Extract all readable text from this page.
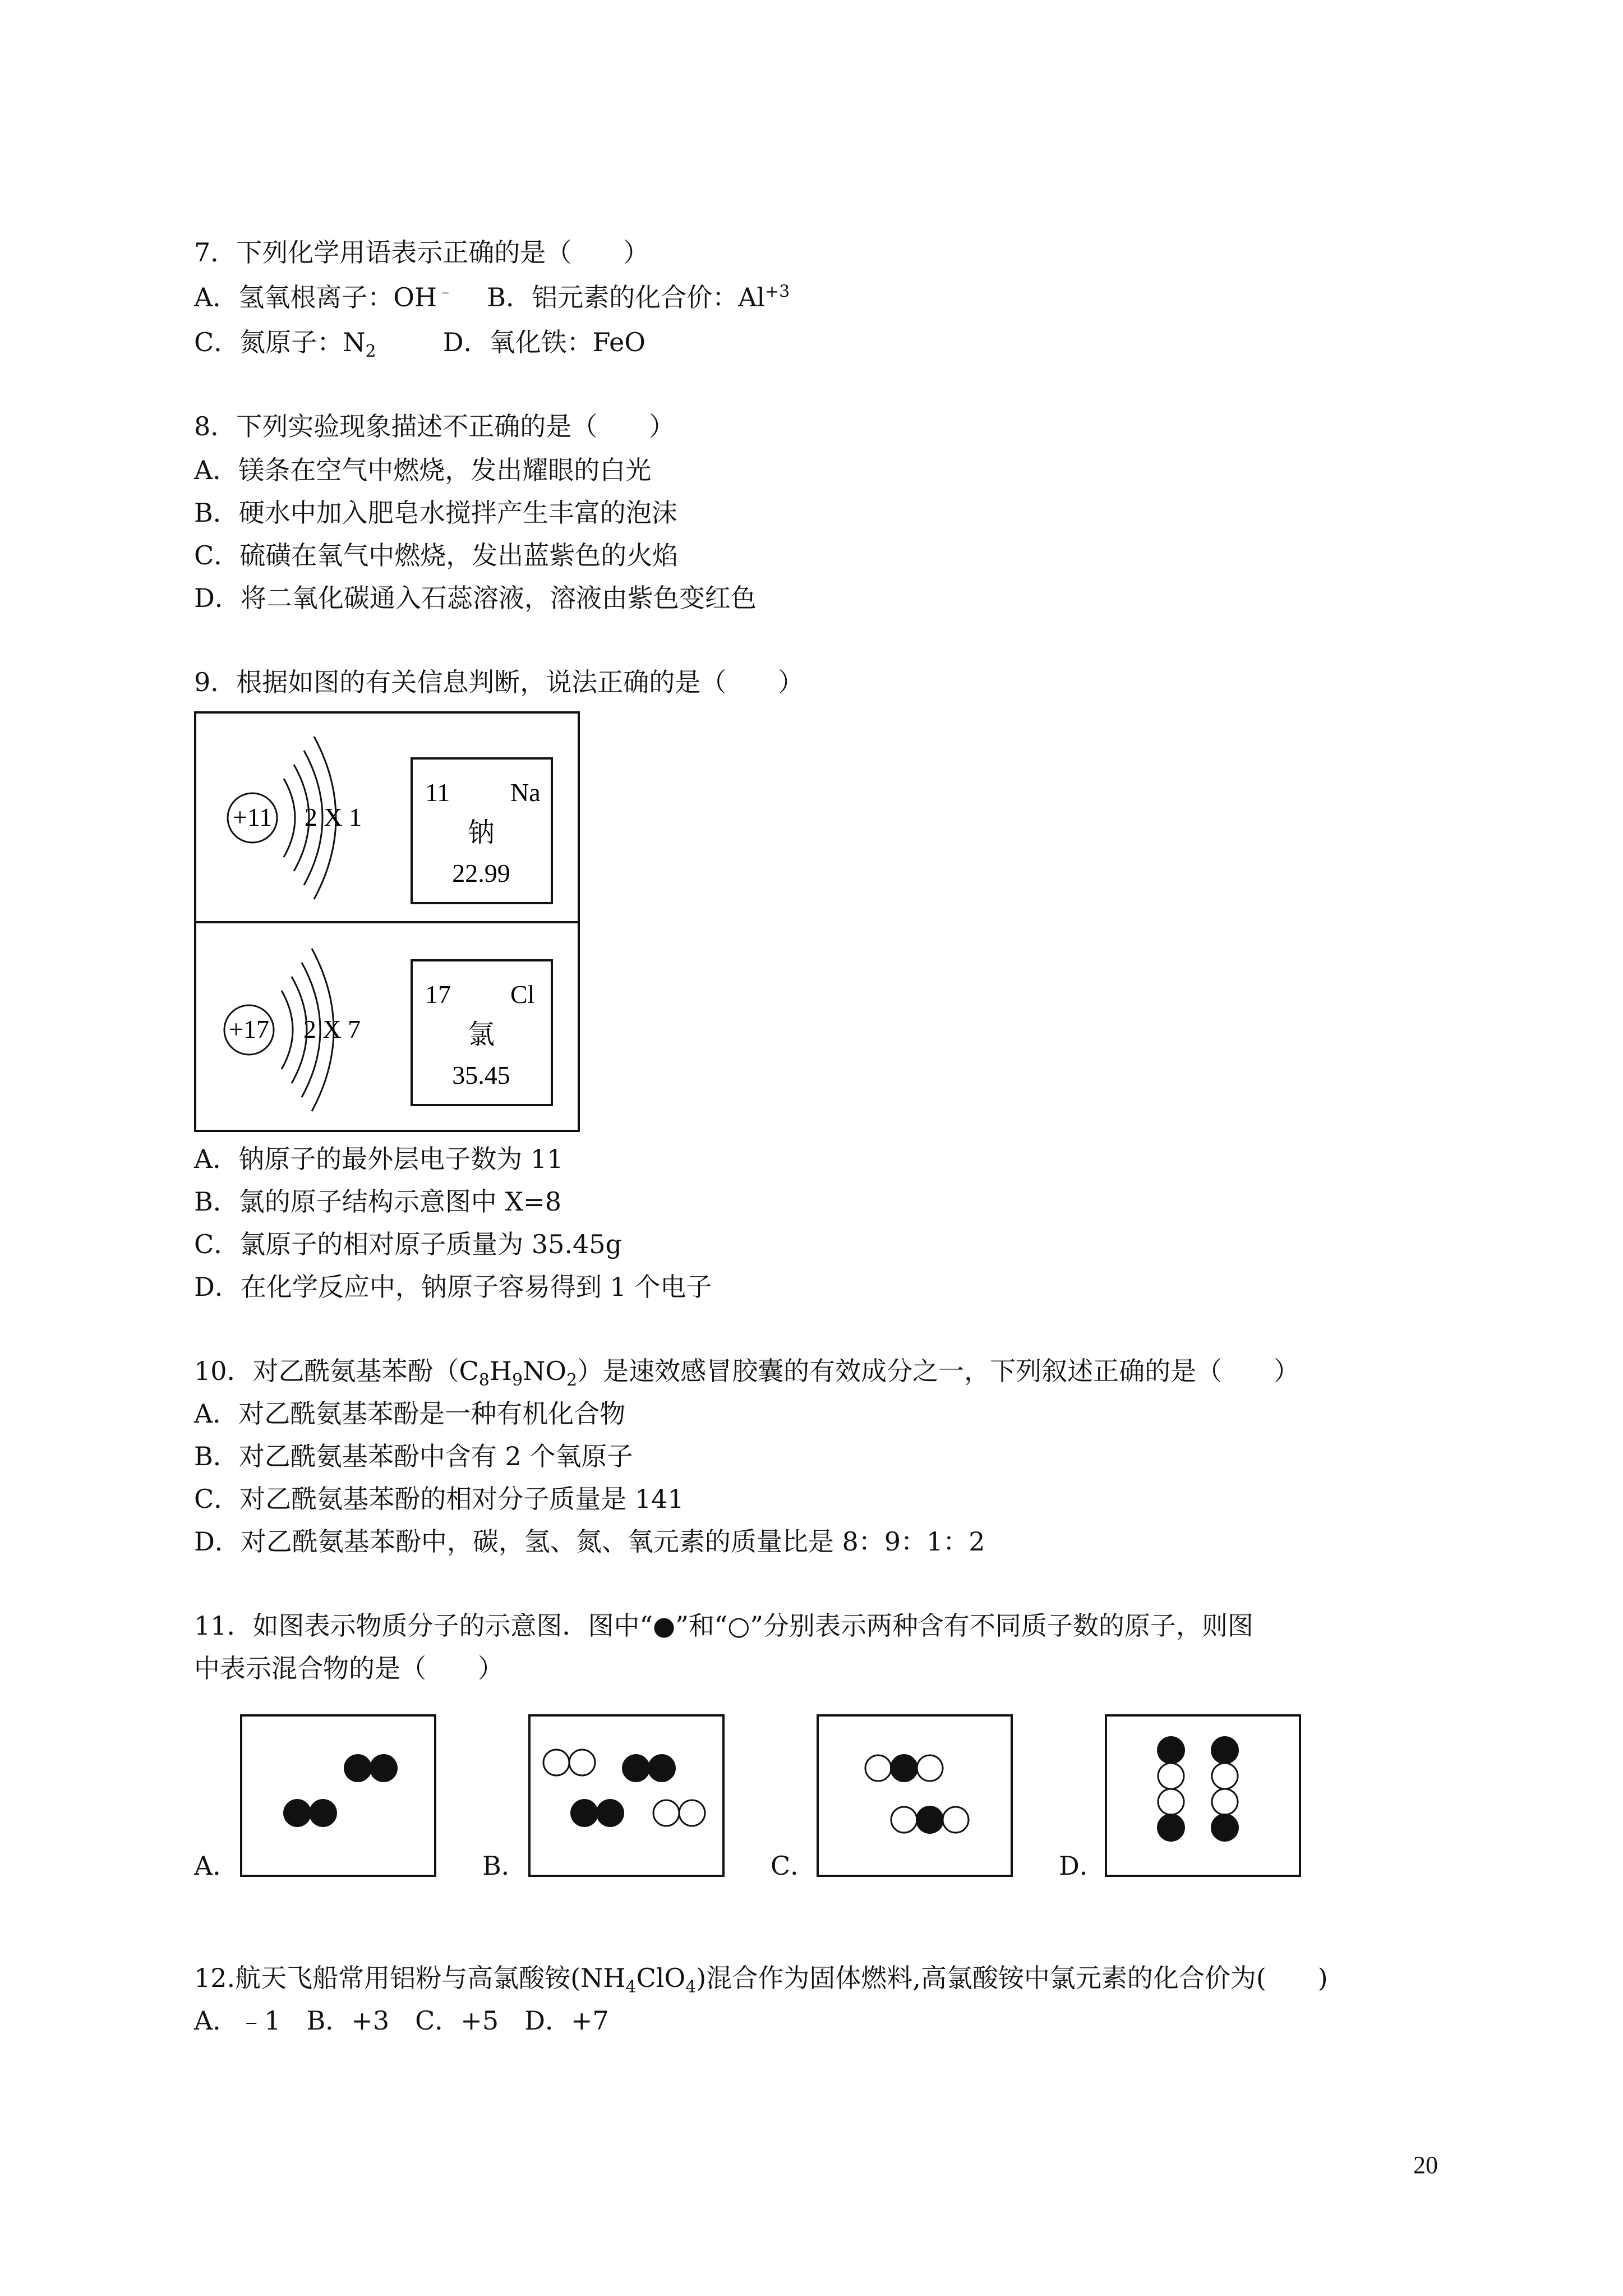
7．下列化学用语表示正确的是（　　）
A．氢氧根离子：OH﹣ B．铝元素的化合价：$Al^{+3}$
C．氮原子：$N_2$	D．氧化铁：FeO
8．下列实验现象描述不正确的是（　　）
A．镁条在空气中燃烧，发出耀眼的白光
B．硬水中加入肥皂水搅拌产生丰富的泡沫
C．硫磺在氧气中燃烧，发出蓝紫色的火焰
D．将二氧化碳通入石蕊溶液，溶液由紫色变红色
9．根据如图的有关信息判断，说法正确的是（　　）
+11 2 X 1
11 Na
钠
22.99
+17 2 X 7
17 Cl
氯
35.45
A．钠原子的最外层电子数为 11
B．氯的原子结构示意图中 X=8
C．氯原子的相对原子质量为 35.45g
D．在化学反应中，钠原子容易得到 1 个电子
10．对乙酰氨基苯酚$(C_8H_9NO_2)$是速效感冒胶囊的有效成分之一，下列叙述正确的是（　　）
A．对乙酰氨基苯酚是一种有机化合物
B．对乙酰氨基苯酚中含有 2 个氧原子
C．对乙酰氨基苯酚的相对分子质量是 141
D．对乙酰氨基苯酚中，碳，氢、氮、氧元素的质量比是 8：9：1：2
11．如图表示物质分子的示意图．图中“●”和“○”分别表示两种含有不同质子数的原子，则图
中表示混合物的是（　　）
A．	B．	C．	D．
12.航天飞船常用铝粉与高氯酸铵$(NH_4ClO_4)$混合作为固体燃料,高氯酸铵中氯元素的化合价为(　　)
A．﹣1　B．+3　C．+5　D．+7
20
